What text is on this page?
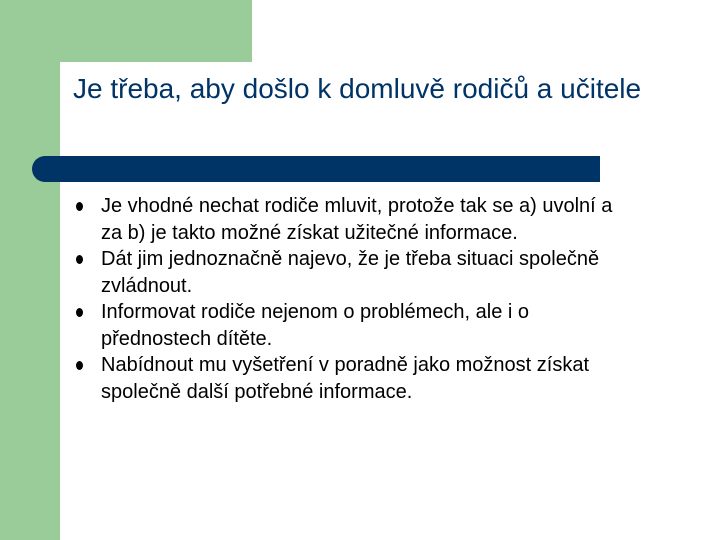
Je třeba, aby došlo k domluvě rodičů a učitele
Je vhodné nechat rodiče mluvit, protože tak se a) uvolní a za b) je takto možné získat užitečné informace.
Dát jim jednoznačně najevo, že je třeba situaci společně zvládnout.
Informovat rodiče nejenom o problémech, ale i o přednostech dítěte.
Nabídnout mu vyšetření v poradně jako možnost získat společně další potřebné informace.
